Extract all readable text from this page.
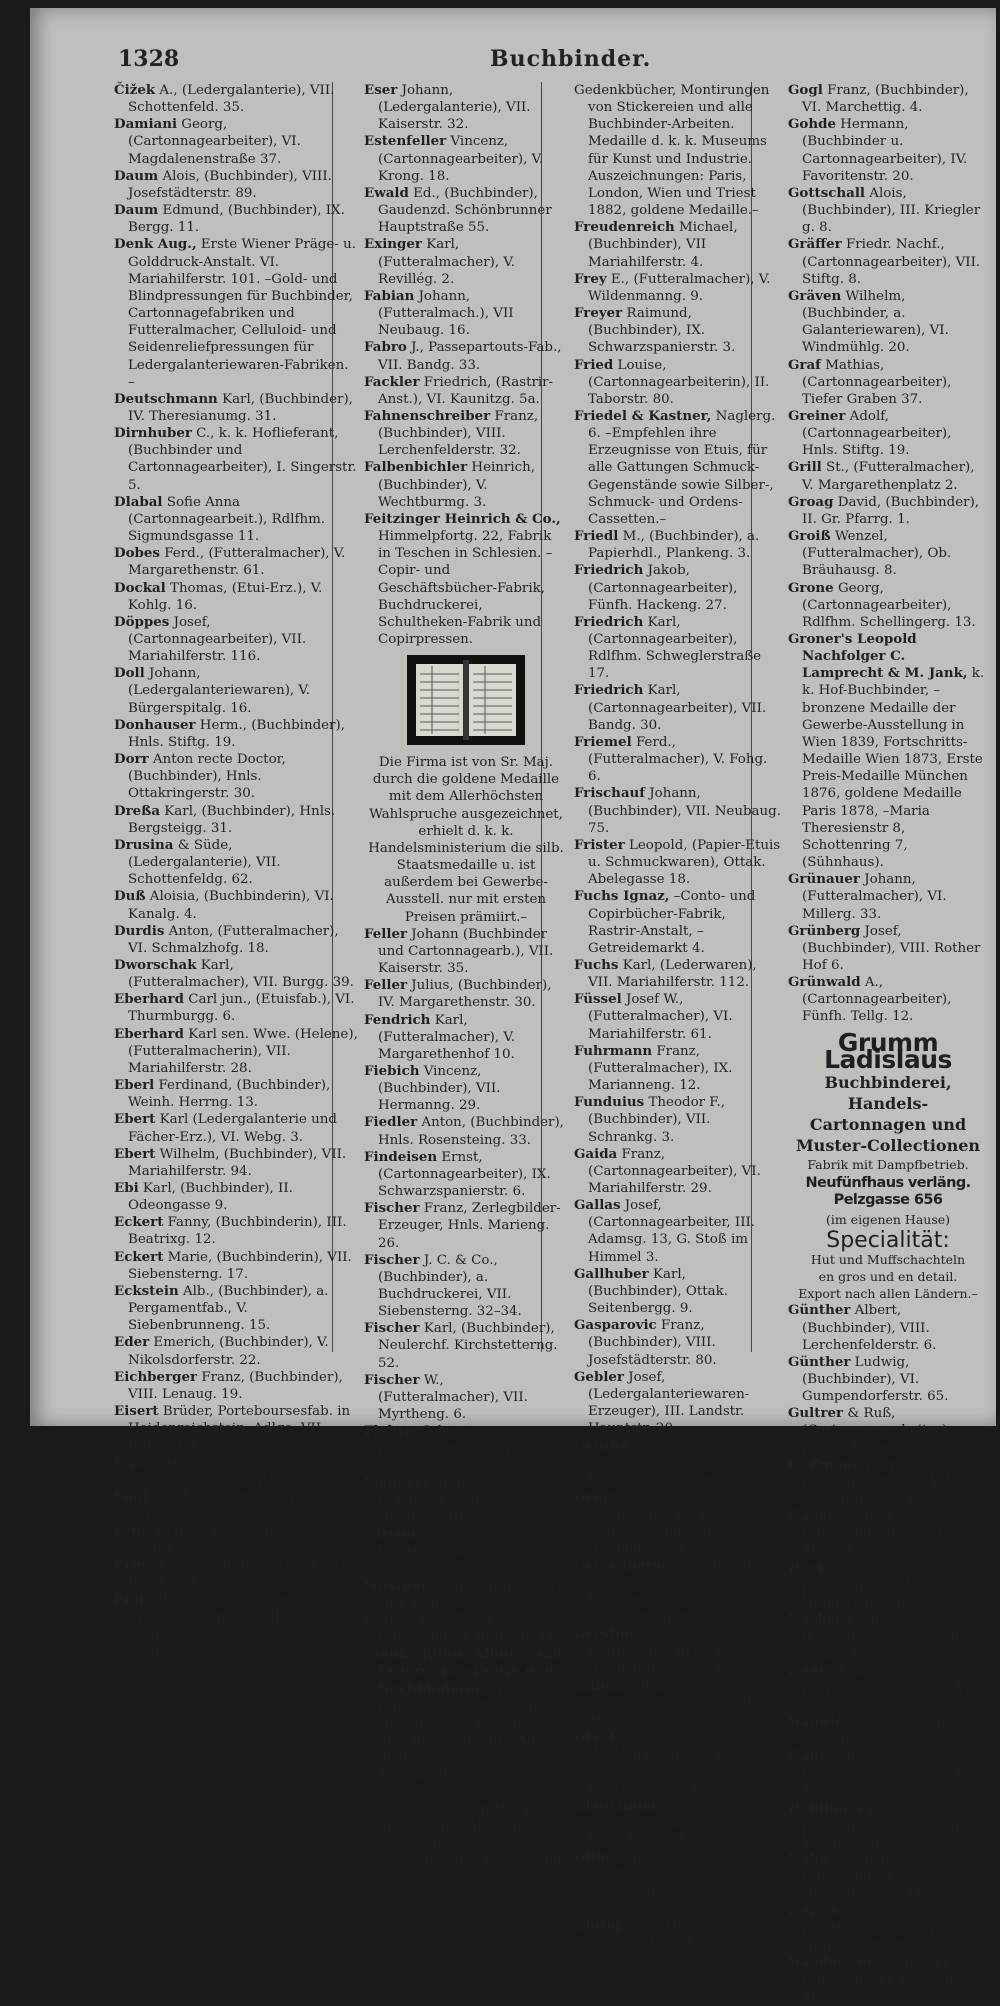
1328	Buchbinder.

Čižek A., (Ledergalanterie), VII. Schottenfeld. 35.

Damiani Georg, (Cartonnagearbeiter), VI. Magdalenenstraße 37.

Daum Alois, (Buchbinder), VIII. Josefstädterstr. 89.

Daum Edmund, (Buchbinder), IX. Bergg. 11.

Denk Aug., Erste Wiener Präge- u. Golddruck-Anstalt. VI. Mariahilferstr. 101. –Gold- und Blindpressungen für Buchbinder, Cartonnagefabriken und Futteralmacher, Celluloid- und Seidenreliefpressungen für Ledergalanteriewaren-Fabriken. –

Deutschmann Karl, (Buchbinder), IV. Theresianumg. 31.

Dirnhuber C., k. k. Hoflieferant, (Buchbinder und Cartonnagearbeiter), I. Singerstr. 5.

Dlabal Sofie Anna (Cartonnagearbeit.), Rdlfhm. Sigmundsgasse 11.

Dobes Ferd., (Futteralmacher), V. Margarethenstr. 61.

Dockal Thomas, (Etui-Erz.), V. Kohlg. 16.

Döppes Josef, (Cartonnagearbeiter), VII. Mariahilferstr. 116.

Doll Johann, (Ledergalanteriewaren), V. Bürgerspitalg. 16.

Donhauser Herm., (Buchbinder), Hnls. Stiftg. 19.

Dorr Anton recte Doctor, (Buchbinder), Hnls. Ottakringerstr. 30.

Dreßa Karl, (Buchbinder), Hnls. Bergsteigg. 31.

Drusina & Süde, (Ledergalanterie), VII. Schottenfeldg. 62.

Duß Aloisia, (Buchbinderin), VI. Kanalg. 4.

Durdis Anton, (Futteralmacher), VI. Schmalzhofg. 18.

Dworschak Karl, (Futteralmacher), VII. Burgg. 39.

Eberhard Carl jun., (Etuisfab.), VI. Thurmburgg. 6.

Eberhard Karl sen. Wwe. (Helene), (Futteralmacherin), VII. Mariahilferstr. 28.

Eberl Ferdinand, (Buchbinder), Weinh. Herrng. 13.

Ebert Karl (Ledergalanterie und Fächer-Erz.), VI. Webg. 3.

Ebert Wilhelm, (Buchbinder), VII. Mariahilferstr. 94.

Ebi Karl, (Buchbinder), II. Odeongasse 9.

Eckert Fanny, (Buchbinderin), III. Beatrixg. 12.

Eckert Marie, (Buchbinderin), VII. Siebensterng. 17.

Eckstein Alb., (Buchbinder), a. Pergamentfab., V. Siebenbrunneng. 15.

Eder Emerich, (Buchbinder), V. Nikolsdorferstr. 22.

Eichberger Franz, (Buchbinder), VIII. Lenaug. 19.

Eisert Brüder, Porteboursesfab. in Heidenreichstein, Adlge. VII. Burgg. 93.

Ellermann Felix, (Ledergalanterie), V Grüng. 12.

Engl Adolf, (Cartonnagearbeiter), X. Goetheg. 18.

Ermes Jakob, (Buchbinder), V. Wehrg. 20.

Ernst Karl, (Ledergalanterie), VII. Bandg. 17.

Erste Wiener Lederwaren-Productiv-Genoss., VII. Andreasgasse 5. Vorst. Heinrich Gehrke.

Eser Johann, (Ledergalanterie), VII. Kaiserstr. 32.

Estenfeller Vincenz, (Cartonnagearbeiter), V. Krong. 18.

Ewald Ed., (Buchbinder), Gaudenzd. Schönbrunner Hauptstraße 55.

Exinger Karl, (Futteralmacher), V. Revillég. 2.

Fabian Johann, (Futteralmach.), VII Neubaug. 16.

Fabro J., Passepartouts-Fab., VII. Bandg. 33.

Fackler Friedrich, (Rastrir-Anst.), VI. Kaunitzg. 5a.

Fahnenschreiber Franz, (Buchbinder), VIII. Lerchenfelderstr. 32.

Falbenbichler Heinrich, (Buchbinder), V. Wechtburmg. 3.

Feitzinger Heinrich & Co., Himmelpfortg. 22, Fabrik in Teschen in Schlesien. –Copir- und Geschäftsbücher-Fabrik, Buchdruckerei, Schultheken-Fabrik und Copirpressen.

Die Firma ist von Sr. Maj. durch die goldene Medaille mit dem Allerhöchsten Wahlspruche ausgezeichnet, erhielt d. k. k. Handelsministerium die silb. Staatsmedaille u. ist außerdem bei Gewerbe-Ausstell. nur mit ersten Preisen prämiirt.–

Feller Johann (Buchbinder und Cartonnagearb.), VII. Kaiserstr. 35.

Feller Julius, (Buchbinder), IV. Margarethenstr. 30.

Fendrich Karl, (Futteralmacher), V. Margarethenhof 10.

Fiebich Vincenz, (Buchbinder), VII. Hermanng. 29.

Fiedler Anton, (Buchbinder), Hnls. Rosensteing. 33.

Findeisen Ernst, (Cartonnagearbeiter), IX. Schwarzspanierstr. 6.

Fischer Franz, Zerlegbilder-Erzeuger, Hnls. Marieng. 26.

Fischer J. C. & Co., (Buchbinder), a. Buchdruckerei, VII. Siebensterng. 32–34.

Fischer Karl, (Buchbinder), Neulerchf. Kirchstetterng. 52.

Fischer W., (Futteralmacher), VII. Myrtheng. 6.

Flohrer Johann, (Ledergalanterie), Fünfh. Pelzg. 1.

Floimeyr Mathias, (Rastrirer), Ottak. Hauptstr. 107.

Förster Alex., (Futteralmacher), V. Wehrg. 2.

Forstner L., (Buchbinder), II. Unt. Donaustr. 39.

Frank Leop. Franz, (Buchbinder), Rumpfg. 11.

Franke Julius, Album- und Lederwaren-Fabrik und Buchbinderei, VI. Gumpendorferstr. 84 und Hirscheng. 1. Verkauf en gros und en detail. –Albums in allen Größen u. Ausstattungen, auch solche zu Gelegenheitszwecken. Stylvolle Diplom-Mappen, diverse Specialitäten in Lederwaren, feine Bucheinbände, Poesie- und

Gedenkbücher, Montirungen von Stickereien und alle Buchbinder-Arbeiten. Medaille d. k. k. Museums für Kunst und Industrie. Auszeichnungen: Paris, London, Wien und Triest 1882, goldene Medaille.–

Freudenreich Michael, (Buchbinder), VII Mariahilferstr. 4.

Frey E., (Futteralmacher), V. Wildenmanng. 9.

Freyer Raimund, (Buchbinder), IX. Schwarzspanierstr. 3.

Fried Louise, (Cartonnagearbeiterin), II. Taborstr. 80.

Friedel & Kastner, Naglerg. 6. –Empfehlen ihre Erzeugnisse von Etuis, für alle Gattungen Schmuck-Gegenstände sowie Silber-, Schmuck- und Ordens-Cassetten.–

Friedl M., (Buchbinder), a. Papierhdl., Plankeng. 3.

Friedrich Jakob, (Cartonnagearbeiter), Fünfh. Hackeng. 27.

Friedrich Karl, (Cartonnagearbeiter), Rdlfhm. Schweglerstraße 17.

Friedrich Karl, (Cartonnagearbeiter), VII. Bandg. 30.

Friemel Ferd., (Futteralmacher), V. Fohg. 6.

Frischauf Johann, (Buchbinder), VII. Neubaug. 75.

Frister Leopold, (Papier-Etuis u. Schmuckwaren), Ottak. Abelegasse 18.

Fuchs Ignaz, –Conto- und Copirbücher-Fabrik, Rastrir-Anstalt, –Getreidemarkt 4.

Fuchs Karl, (Lederwaren), VII. Mariahilferstr. 112.

Füssel Josef W., (Futteralmacher), VI. Mariahilferstr. 61.

Fuhrmann Franz, (Futteralmacher), IX. Marianneng. 12.

Funduius Theodor F., (Buchbinder), VII. Schrankg. 3.

Gaida Franz, (Cartonnagearbeiter), VI. Mariahilferstr. 29.

Gallas Josef, (Cartonnagearbeiter, III. Adamsg. 13, G. Stoß im Himmel 3.

Gallhuber Karl, (Buchbinder), Ottak. Seitenbergg. 9.

Gasparovic Franz, (Buchbinder), VIII. Josefstädterstr. 80.

Gebler Josef, (Ledergalanteriewaren-Erzeuger), III. Landstr. Hauptstr. 20.

Gehrke Heinr., (Ledergalanteriewaren-Erz.), VI. Hirscheng. 8.

Geiger Heinr., (Futteralmacher), Rauhensteing. 7 und Himmelpfortg. 7.

Geißenberger Ferdinand, (Ledergalanteriewaren-Erzeuger), Fünfh. Schönbrunnerstr. 9.

Gerstner Joh., (Futteralmacher), V. Hundsthurmerstr. 25.

Gilhart Johann, (Ledergalanterie), Fünfh. Märzstr. 9.

Glaßl Johann, (Ledergalanteriewaren-Erzeuger), VII. Myrthengasse 3.

Glaubinger Agnes, (Cartonnagearbeiterin), Hnls. Krong. 13.

Gling Jgn., (Cartonnagearbeiter), Neulerchf. Kirchstetterng. 40.

Glutig Josef, (Buchbinder), a. Papierhdl., IV. Karolineng. 28.

Gogl Franz, (Buchbinder), VI. Marchettig. 4.

Gohde Hermann, (Buchbinder u. Cartonnagearbeiter), IV. Favoritenstr. 20.

Gottschall Alois, (Buchbinder), III. Kriegler g. 8.

Gräffer Friedr. Nachf., (Cartonnagearbeiter), VII. Stiftg. 8.

Gräven Wilhelm, (Buchbinder, a. Galanteriewaren), VI. Windmühlg. 20.

Graf Mathias, (Cartonnagearbeiter), Tiefer Graben 37.

Greiner Adolf, (Cartonnagearbeiter), Hnls. Stiftg. 19.

Grill St., (Futteralmacher), V. Margarethenplatz 2.

Groag David, (Buchbinder), II. Gr. Pfarrg. 1.

Groiß Wenzel, (Futteralmacher), Ob. Bräuhausg. 8.

Grone Georg, (Cartonnagearbeiter), Rdlfhm. Schellingerg. 13.

Groner's Leopold Nachfolger C. Lamprecht & M. Jank, k. k. Hof-Buchbinder, –bronzene Medaille der Gewerbe-Ausstellung in Wien 1839, Fortschritts-Medaille Wien 1873, Erste Preis-Medaille München 1876, goldene Medaille Paris 1878, –Maria Theresienstr 8, Schottenring 7, (Sühnhaus).

Grünauer Johann, (Futteralmacher), VI. Millerg. 33.

Grünberg Josef, (Buchbinder), VIII. Rother Hof 6.

Grünwald A., (Cartonnagearbeiter), Fünfh. Tellg. 12.

Grumm Ladislaus

Buchbinderei, Handels-

Cartonnagen und

Muster-Collectionen

Fabrik mit Dampfbetrieb.

Neufünfhaus verläng. Pelzgasse 656

(im eigenen Hause)

Specialität:

Hut und Muffschachteln

en gros und en detail.

Export nach allen Ländern.–

Günther Albert, (Buchbinder), VIII. Lerchenfelderstr. 6.

Günther Ludwig, (Buchbinder), VI. Gumpendorferstr. 65.

Gultrer & Ruß, (Cartonnagearbeiter), Fünfh. Rosinag. 8.

Gußmann Bernh., (Ledergalanterie), VII. Schottenfeldg. 24.

Habal Franziska, (Buchbinderin), Hietzing Allg. 21.

Hacker Anton, (Buchbinder), IV. Hundsthurmerstr. 2.

Hacker Franz, (Ledergalanteriewaren), Fünfh. Burgg. 3.

Hader Johann, (Cartonnagearbeiter), VI. Enzelg. 7.

Hadwig Frz., (Buchbinder), IV. Margarethenstr. 74.

Hahn Johann, (Cartonnagearbeiter), V. Nikolsdorferstr. 32.

Haidinger Josef, (Ledergalanteriewaren), VI. Westbahnstr. 7.

Halik Ferdinand, (Buchbinder), Himmelpfortg. 17.

Halma Joh., (Futteralmacher), V. Hundsthurmerstr. 89.

Hamberger Ferdinand, (Buchbinder), Penzing Antong. 15.
